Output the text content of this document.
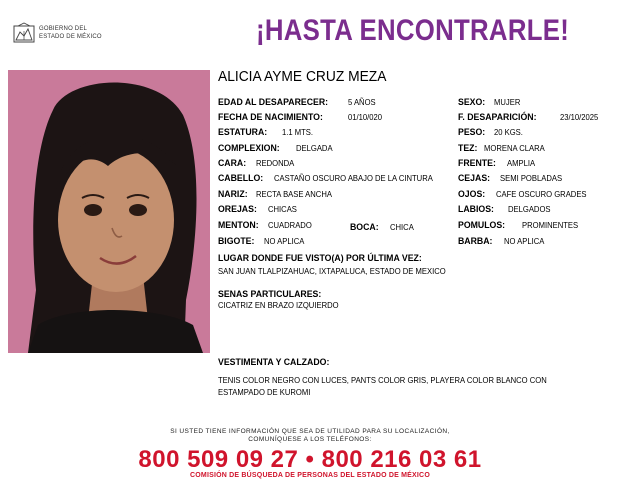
GOBIERNO DEL
ESTADO DE MÉXICO	¡HASTA ENCONTRARLE!
ALICIA AYME CRUZ MEZA
EDAD AL DESAPARECER: 5 AÑOS	SEXO: MUJER
FECHA DE NACIMIENTO:	01/10/020	F. DESAPARICIÓN:	23/10/2025
ESTATURA: 1.1 MTS.	PESO: 20 KGS.
COMPLEXION: DELGADA	TEZ: MORENA CLARA
CARA: REDONDA	FRENTE: AMPLIA
CABELLO: CASTAÑO OSCURO ABAJO DE LA CINTURA	CEJAS: SEMI POBLADAS
NARIZ: RECTA BASE ANCHA	OJOS: CAFE OSCURO GRADES
OREJAS: CHICAS	LABIOS: DELGADOS
MENTON: CUADRADO	BOCA: CHICA	POMULOS: PROMINENTES
BIGOTE: NO APLICA	BARBA: NO APLICA
LUGAR DONDE FUE VISTO(A) POR ÚLTIMA VEZ:
SAN JUAN TLALPIZAHUAC, IXTAPALUCA, ESTADO DE MEXICO
SENAS PARTICULARES:
CICATRIZ EN BRAZO IZQUIERDO
VESTIMENTA Y CALZADO:
TENIS COLOR NEGRO CON LUCES, PANTS COLOR GRIS, PLAYERA COLOR BLANCO CON
ESTAMPADO DE KUROMI
SI USTED TIENE INFORMACIÓN QUE SEA DE UTILIDAD PARA SU LOCALIZACIÓN,
COMUNÍQUESE A LOS TELÉFONOS:
800 509 09 27 • 800 216 03 61
COMISIÓN DE BÚSQUEDA DE PERSONAS DEL ESTADO DE MÉXICO
